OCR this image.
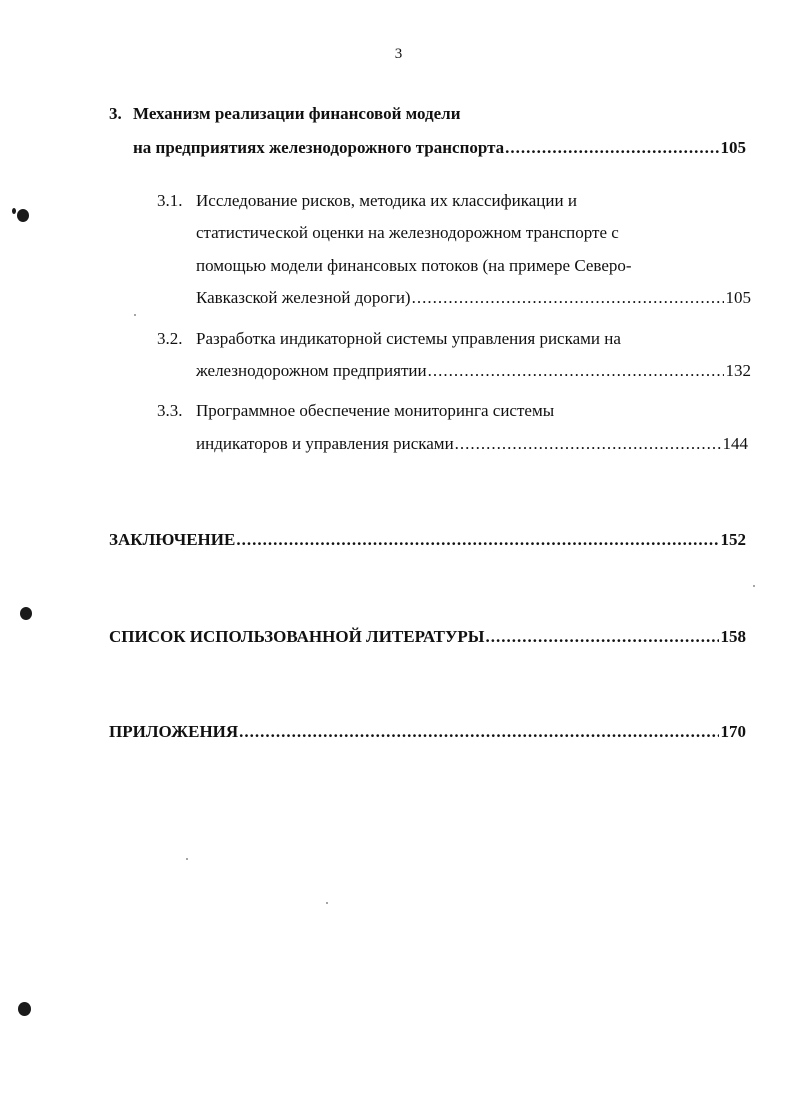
3
3. Механизм реализации финансовой модели
на предприятиях железнодорожного транспорта .....	105
3.1. Исследование рисков, методика их классификации и
статистической оценки на железнодорожном транспорте с
помощью модели финансовых потоков (на примере Северо-
Кавказской железной дороги) .....	105
3.2. Разработка индикаторной системы управления рисками на
железнодорожном предприятии .....	132
3.3. Программное обеспечение мониторинга системы
индикаторов и управления рисками .....	144
ЗАКЛЮЧЕНИЕ .....	152
СПИСОК ИСПОЛЬЗОВАННОЙ ЛИТЕРАТУРЫ .....	158
ПРИЛОЖЕНИЯ .....	170
